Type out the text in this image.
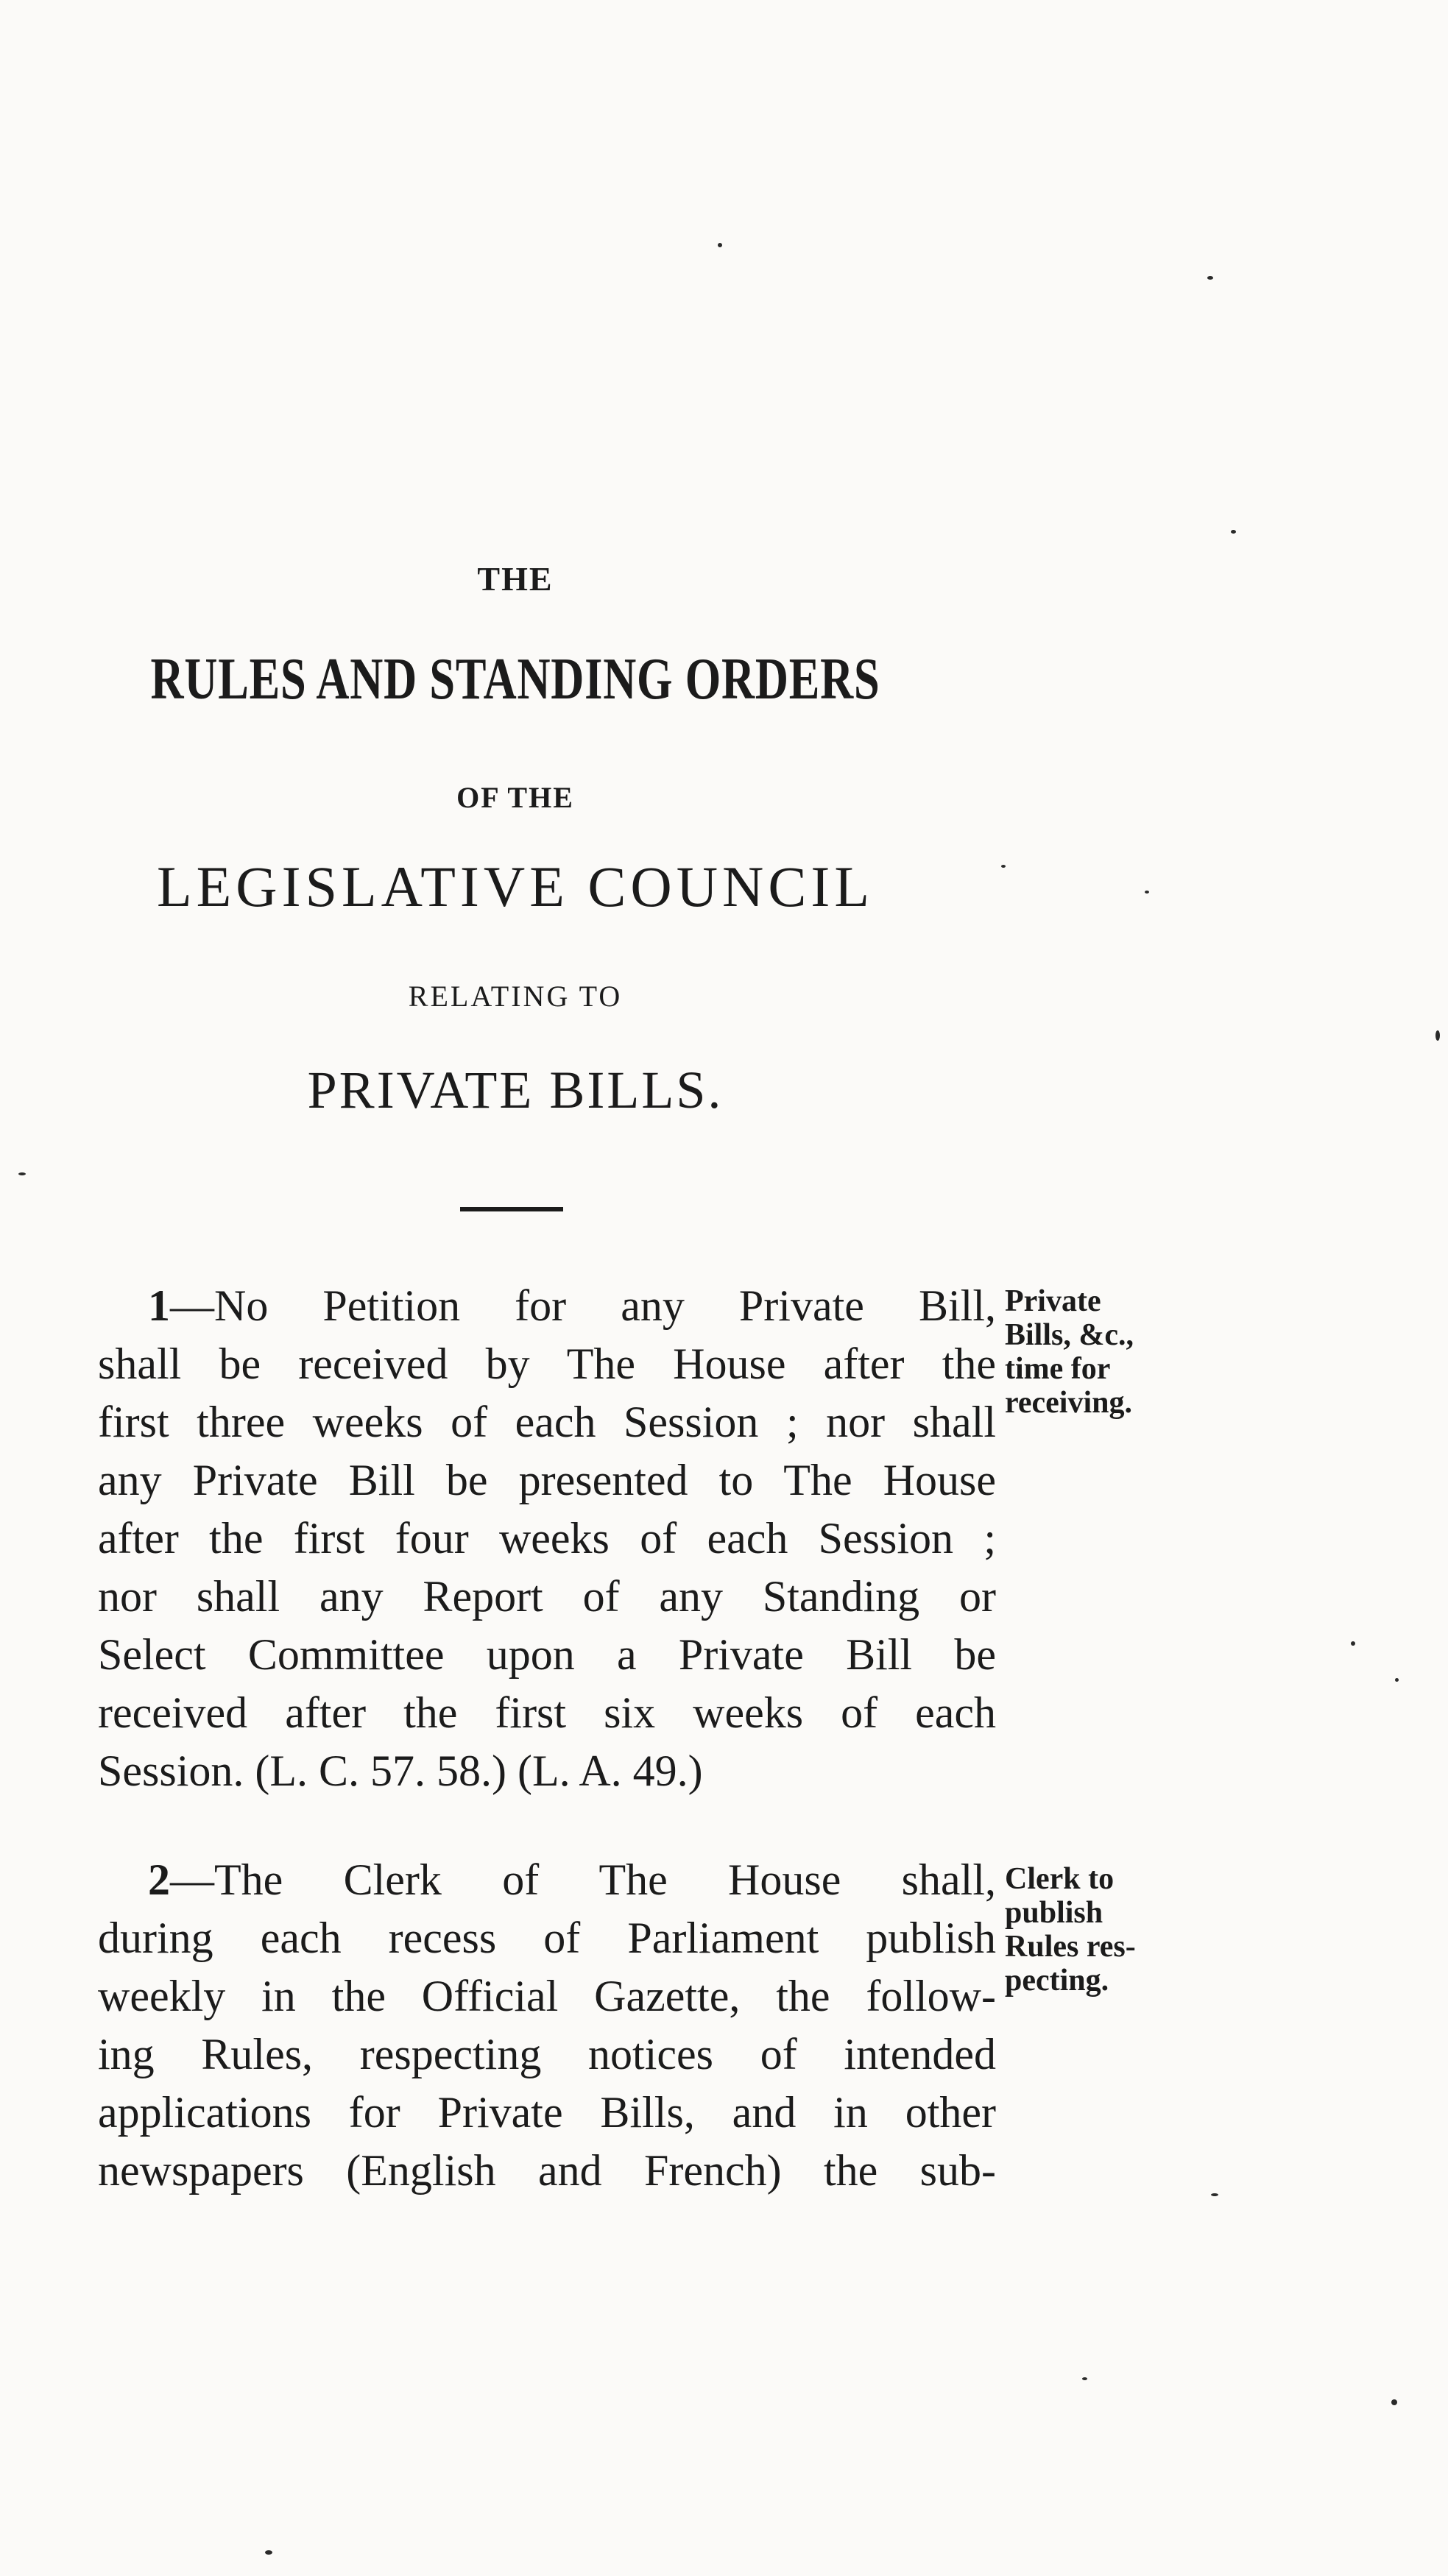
THE
RULES AND STANDING ORDERS
OF THE
LEGISLATIVE COUNCIL
RELATING TO
PRIVATE BILLS.
1—No Petition for any Private Bill,
shall be received by The House after the
first three weeks of each Session ; nor shall
any Private Bill be presented to The House
after the first four weeks of each Session ;
nor shall any Report of any Standing or
Select Committee upon a Private Bill be
received after the first six weeks of each
Session. (L. C. 57. 58.) (L. A. 49.)
Private
Bills, &c.,
time for
receiving.
2—The Clerk of The House shall,
during each recess of Parliament publish
weekly in the Official Gazette, the follow-
ing Rules, respecting notices of intended
applications for Private Bills, and in other
newspapers (English and French) the sub-
Clerk to
publish
Rules res-
pecting.
